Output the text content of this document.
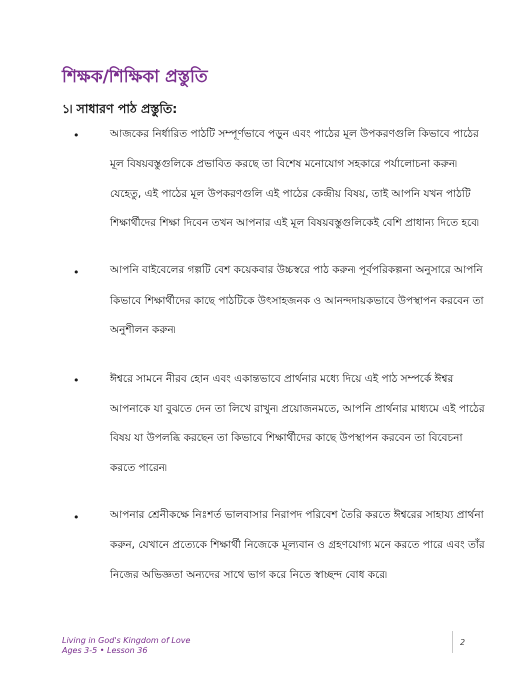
শিক্ষক/শিক্ষিকা প্রস্তুতি
১৷ সাধারণ পাঠ প্রস্তুতি:
•	আজকের নির্ধারিত পাঠটি সম্পূর্ণভাবে পড়ুন এবং পাঠের মূল উপকরণগুলি কিভাবে পাঠের
মূল বিষয়বস্তুগুলিকে প্রভাবিত করছে তা বিশেষ মনোযোগ সহকারে পর্যালোচনা করুন৷
যেহেতু, এই পাঠের মূল উপকরণগুলি এই পাঠের কেন্দ্রীয় বিষয়, তাই আপনি যখন পাঠটি
শিক্ষার্থীদের শিক্ষা দিবেন তখন আপনার এই মূল বিষয়বস্তুগুলিকেই বেশি প্রাধান্য দিতে হবে৷
•	আপনি বাইবেলের গল্পটি বেশ কয়েকবার উচ্চস্বরে পাঠ করুন৷ পূর্বপরিকল্পনা অনুসারে আপনি
কিভাবে শিক্ষার্থীদের কাছে পাঠটিকে উৎসাহজনক ও আনন্দদায়কভাবে উপস্থাপন করবেন তা
অনুশীলন করুন৷
•	ঈশ্বরে সামনে নীরব হোন এবং একান্তভাবে প্রার্থনার মধ্যে দিয়ে এই পাঠ সম্পর্কে ঈশ্বর
আপনাকে যা বুঝতে দেন তা লিখে রাখুন৷ প্রয়োজনমতে, আপনি প্রার্থনার মাধ্যমে এই পাঠের
বিষয় যা উপলব্ধি করছেন তা কিভাবে শিক্ষার্থীদের কাছে উপস্থাপন করবেন তা বিবেচনা
করতে পারেন৷
•	আপনার শ্রেনীকক্ষে নিঃশর্ত ভালবাসার নিরাপদ পরিবেশ তৈরি করতে ঈশ্বরের সাহায্য প্রার্থনা
করুন, যেখানে প্রত্যেকে শিক্ষার্থী নিজেকে মূল্যবান ও গ্রহণযোগ্য মনে করতে পারে এবং তাঁর
নিজের অভিজ্ঞতা অন্যদের সাথে ভাগ করে নিতে স্বাচ্ছন্দ বোধ করে৷
Living in God's Kingdom of Love
Ages 3-5 • Lesson 36
2
